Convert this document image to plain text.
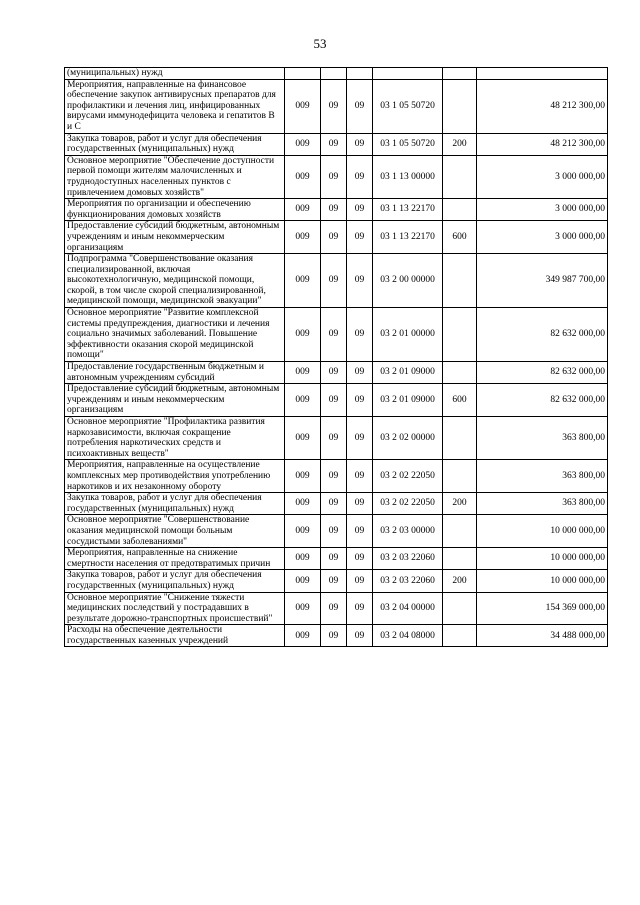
53
(муниципальных) нужд						
Мероприятия, направленные на финансовое обеспечение закупок антивирусных препаратов для профилактики и лечения лиц, инфицированных вирусами иммунодефицита человека и гепатитов В и С	009	09	09	03 1 05 50720		48 212 300,00
Закупка товаров, работ и услуг для обеспечения государственных (муниципальных) нужд	009	09	09	03 1 05 50720	200	48 212 300,00
Основное мероприятие "Обеспечение доступности первой помощи жителям малочисленных и труднодоступных населенных пунктов с привлечением домовых хозяйств"	009	09	09	03 1 13 00000		3 000 000,00
Мероприятия по организации и обеспечению функционирования домовых хозяйств	009	09	09	03 1 13 22170		3 000 000,00
Предоставление субсидий бюджетным, автономным учреждениям и иным некоммерческим организациям	009	09	09	03 1 13 22170	600	3 000 000,00
Подпрограмма "Совершенствование оказания специализированной, включая высокотехнологичную, медицинской помощи, скорой, в том числе скорой специализированной, медицинской помощи, медицинской эвакуации"	009	09	09	03 2 00 00000		349 987 700,00
Основное мероприятие "Развитие комплексной системы предупреждения, диагностики и лечения социально значимых заболеваний. Повышение эффективности оказания скорой медицинской помощи"	009	09	09	03 2 01 00000		82 632 000,00
Предоставление государственным бюджетным и автономным учреждениям субсидий	009	09	09	03 2 01 09000		82 632 000,00
Предоставление субсидий бюджетным, автономным учреждениям и иным некоммерческим организациям	009	09	09	03 2 01 09000	600	82 632 000,00
Основное мероприятие "Профилактика развития наркозависимости, включая сокращение потребления наркотических средств и психоактивных веществ"	009	09	09	03 2 02 00000		363 800,00
Мероприятия, направленные на осуществление комплексных мер противодействия употреблению наркотиков и их незаконному обороту	009	09	09	03 2 02 22050		363 800,00
Закупка товаров, работ и услуг для обеспечения государственных (муниципальных) нужд	009	09	09	03 2 02 22050	200	363 800,00
Основное мероприятие "Совершенствование оказания медицинской помощи больным сосудистыми заболеваниями"	009	09	09	03 2 03 00000		10 000 000,00
Мероприятия, направленные на снижение смертности населения от предотвратимых причин	009	09	09	03 2 03 22060		10 000 000,00
Закупка товаров, работ и услуг для обеспечения государственных (муниципальных) нужд	009	09	09	03 2 03 22060	200	10 000 000,00
Основное мероприятие "Снижение тяжести медицинских последствий у пострадавших в результате дорожно-транспортных происшествий"	009	09	09	03 2 04 00000		154 369 000,00
Расходы на обеспечение деятельности государственных казенных учреждений	009	09	09	03 2 04 08000		34 488 000,00
